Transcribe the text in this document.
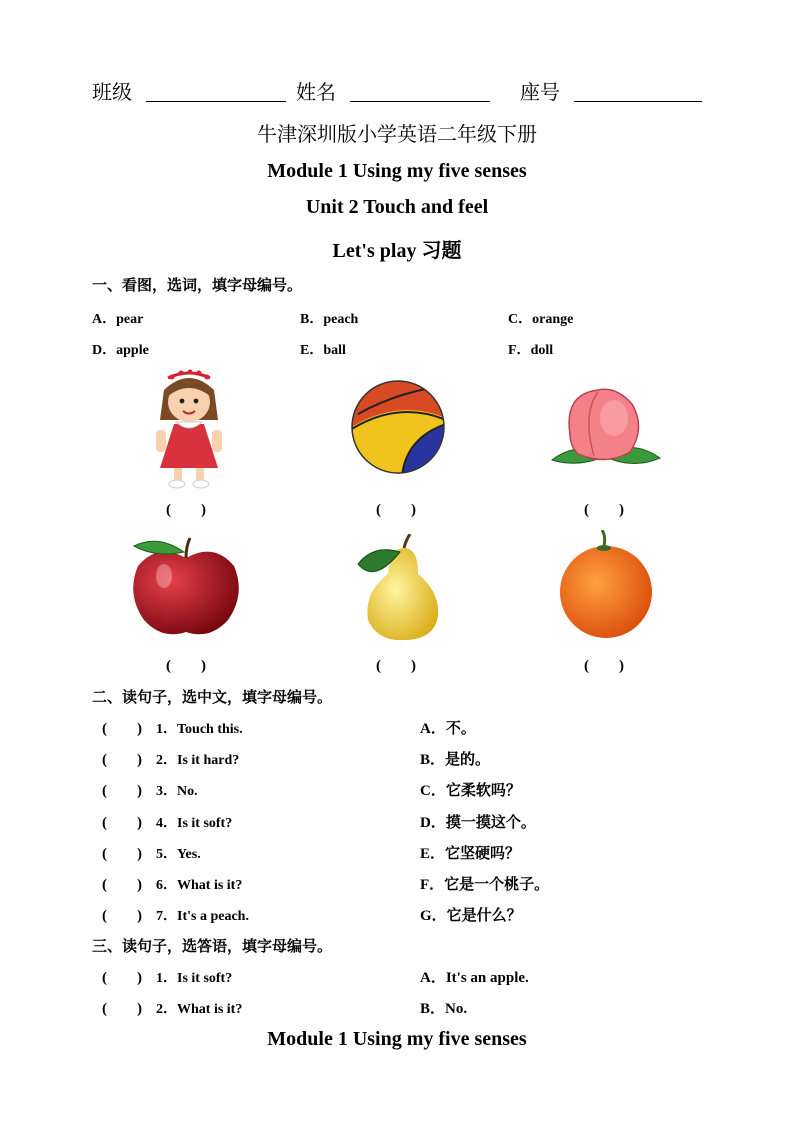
班级	姓名	座号
牛津深圳版小学英语二年级下册
Module 1 Using my five senses
Unit 2 Touch and feel
Let's play 习题
一、看图，选词，填字母编号。
A．pear	B．peach	C．orange
D．apple	E．ball	F．doll
(　　)	(　　)	(　　)
(　　)	(　　)	(　　)
二、读句子，选中文，填字母编号。
(　　)	1．Touch this.	A．不。
(　　)	2．Is it hard?	B．是的。
(　　)	3．No.	C．它柔软吗？
(　　)	4．Is it soft?	D．摸一摸这个。
(　　)	5．Yes.	E．它坚硬吗？
(　　)	6．What is it?	F．它是一个桃子。
(　　)	7．It's a peach.	G．它是什么？
三、读句子，选答语，填字母编号。
(　　)	1．Is it soft?	A．It's an apple.
(　　)	2．What is it?	B．No.
Module 1 Using my five senses
